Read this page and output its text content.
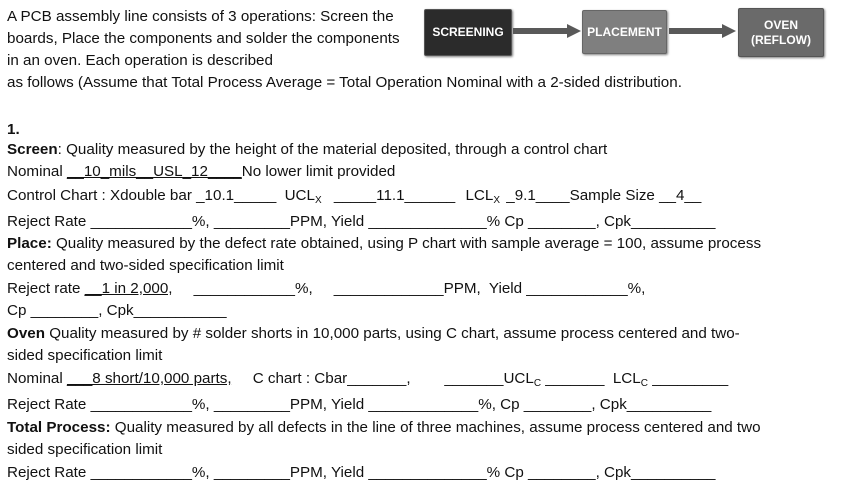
A PCB assembly line consists of 3 operations: Screen the boards, Place the components and solder the components in an oven. Each operation is described
as follows (Assume that Total Process Average = Total Operation Nominal with a 2-sided distribution.
SCREENING	PLACEMENT	OVEN
(REFLOW)
1.
Screen: Quality measured by the height of the material deposited, through a control chart
Nominal __10_mils__USL_12____No lower limit provided
Control Chart : Xdouble bar _10.1_____ $UCL_X$ _____11.1______ $LCL_X$ _9.1____Sample Size __4__
Reject Rate ____________%, _________PPM, Yield ______________% Cp ________, Cpk__________
Place: Quality measured by the defect rate obtained, using P chart with sample average = 100, assume process
centered and two-sided specification limit
Reject rate __1 in 2,000,     ____________%,     _____________PPM,  Yield ____________%,
Cp ________, Cpk___________
Oven Quality measured by # solder shorts in 10,000 parts, using C chart, assume process centered and two-
sided specification limit
Nominal ___8 short/10,000 parts,     C chart : Cbar_______,        $\_\_\_\_\_\_\_UCL_C$ _______  $LCL_C$ _________
Reject Rate ____________%, _________PPM, Yield _____________%, Cp ________, Cpk__________
Total Process: Quality measured by all defects in the line of three machines, assume process centered and two
sided specification limit
Reject Rate ____________%, _________PPM, Yield ______________% Cp ________, Cpk__________
